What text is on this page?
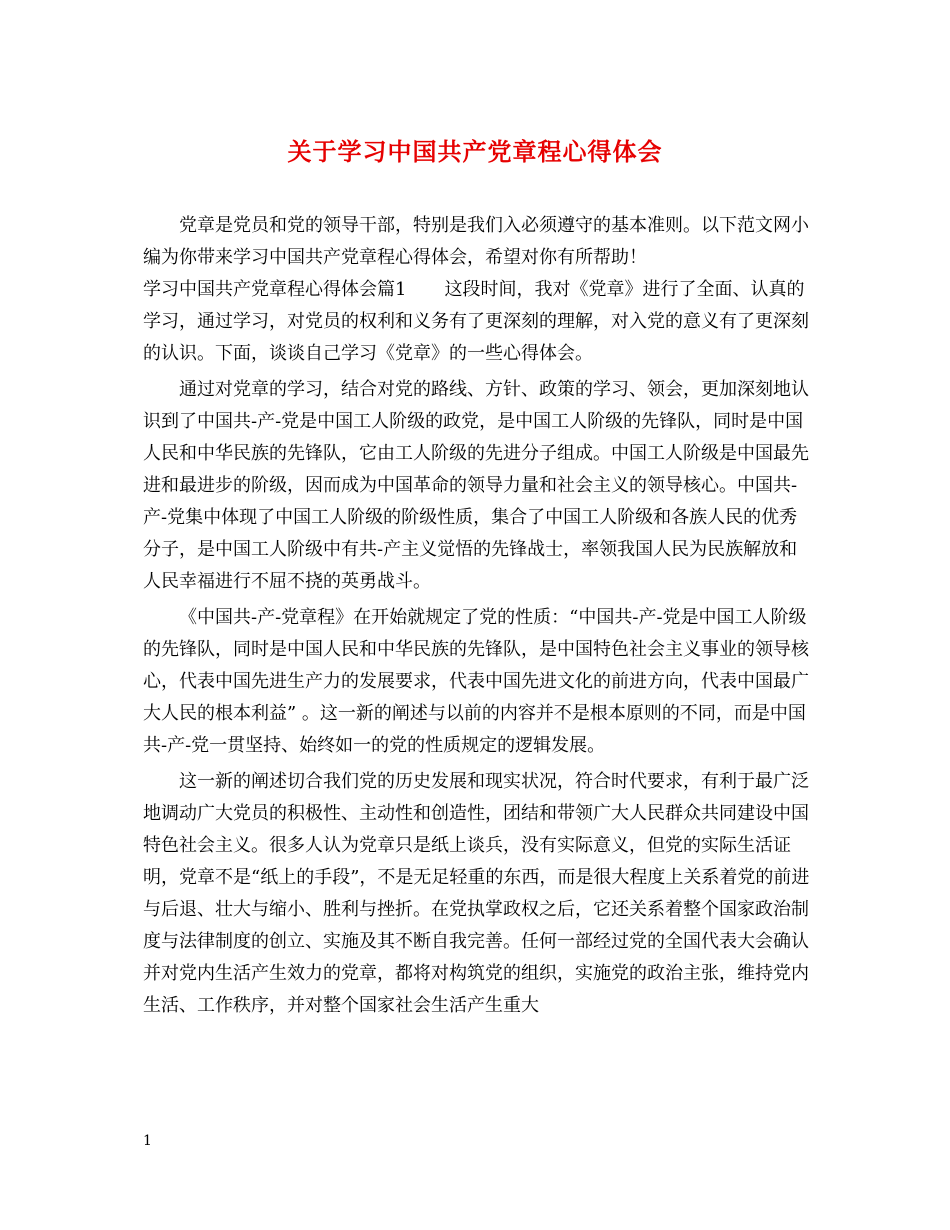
关于学习中国共产党章程心得体会

党章是党员和党的领导干部，特别是我们入必须遵守的基本准则。以下范文网小编为你带来学习中国共产党章程心得体会，希望对你有所帮助！

学习中国共产党章程心得体会篇1 这段时间，我对《党章》进行了全面、认真的学习，通过学习，对党员的权利和义务有了更深刻的理解，对入党的意义有了更深刻的认识。下面，谈谈自己学习《党章》的一些心得体会。

通过对党章的学习，结合对党的路线、方针、政策的学习、领会，更加深刻地认识到了中国共-产-党是中国工人阶级的政党，是中国工人阶级的先锋队，同时是中国人民和中华民族的先锋队，它由工人阶级的先进分子组成。中国工人阶级是中国最先进和最进步的阶级，因而成为中国革命的领导力量和社会主义的领导核心。中国共-产-党集中体现了中国工人阶级的阶级性质，集合了中国工人阶级和各族人民的优秀分子，是中国工人阶级中有共-产主义觉悟的先锋战士，率领我国人民为民族解放和人民幸福进行不屈不挠的英勇战斗。

《中国共-产-党章程》在开始就规定了党的性质：“中国共-产-党是中国工人阶级的先锋队，同时是中国人民和中华民族的先锋队，是中国特色社会主义事业的领导核心，代表中国先进生产力的发展要求，代表中国先进文化的前进方向，代表中国最广大人民的根本利益” 。这一新的阐述与以前的内容并不是根本原则的不同，而是中国共-产-党一贯坚持、始终如一的党的性质规定的逻辑发展。

这一新的阐述切合我们党的历史发展和现实状况，符合时代要求，有利于最广泛地调动广大党员的积极性、主动性和创造性，团结和带领广大人民群众共同建设中国特色社会主义。很多人认为党章只是纸上谈兵，没有实际意义，但党的实际生活证明，党章不是“纸上的手段”，不是无足轻重的东西，而是很大程度上关系着党的前进与后退、壮大与缩小、胜利与挫折。在党执掌政权之后，它还关系着整个国家政治制度与法律制度的创立、实施及其不断自我完善。任何一部经过党的全国代表大会确认并对党内生活产生效力的党章，都将对构筑党的组织，实施党的政治主张，维持党内生活、工作秩序，并对整个国家社会生活产生重大

1
